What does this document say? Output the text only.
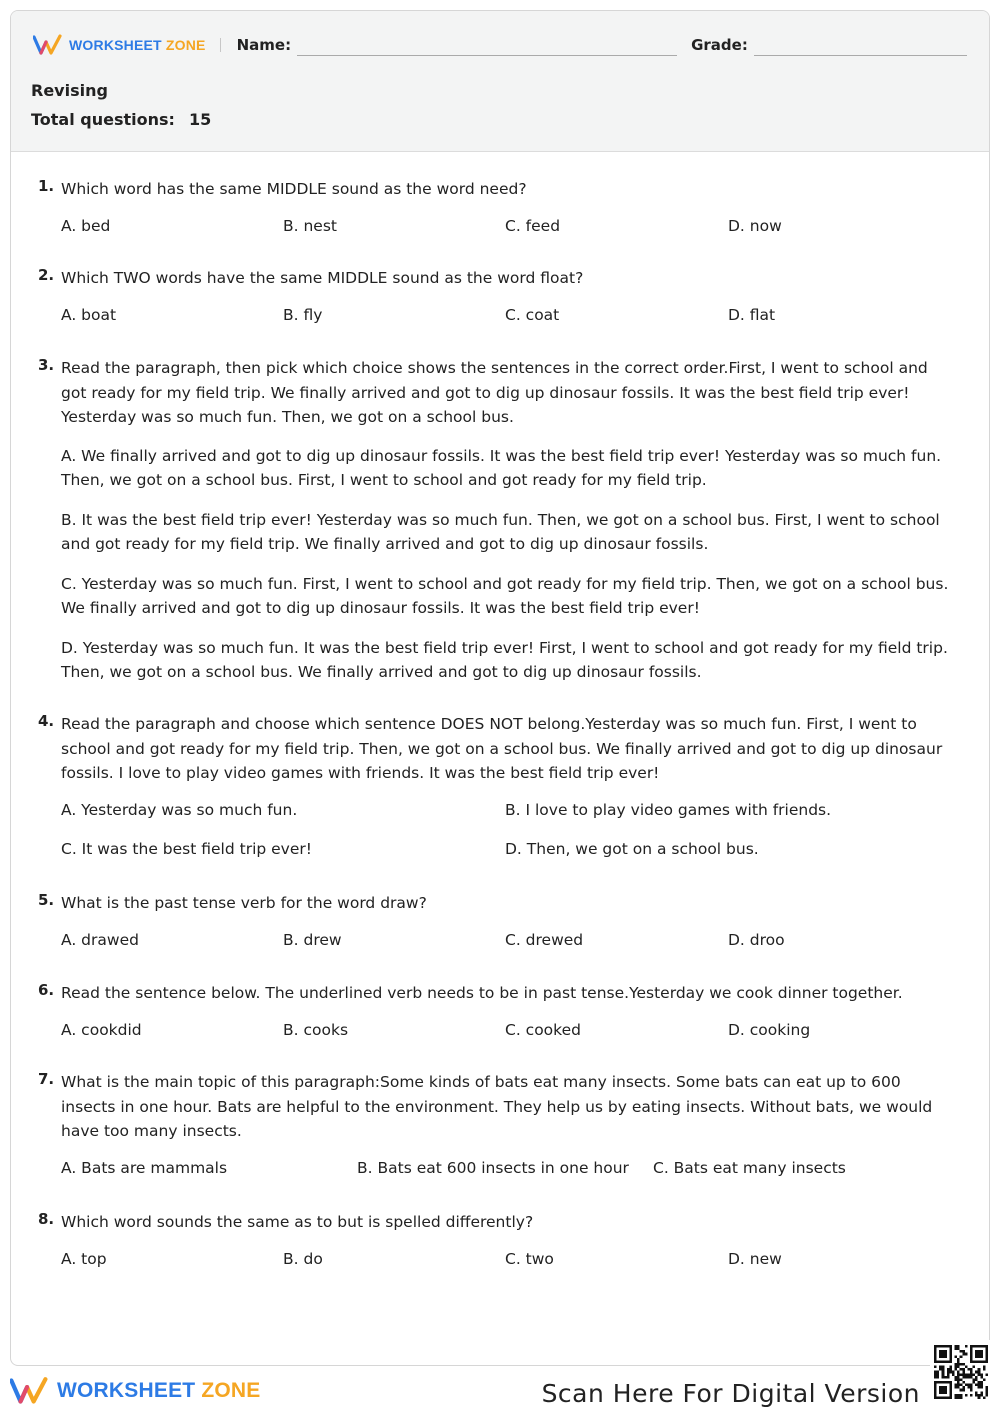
WORKSHEET ZONE Name:	Grade:
Revising
Total questions: 15
1. Which word has the same MIDDLE sound as the word need?
A. bed	B. nest	C. feed	D. now
2. Which TWO words have the same MIDDLE sound as the word float?
A. boat	B. fly	C. coat	D. flat
3. Read the paragraph, then pick which choice shows the sentences in the correct order.First, I went to school and got ready for my field trip. We finally arrived and got to dig up dinosaur fossils. It was the best field trip ever! Yesterday was so much fun. Then, we got on a school bus.
A. We finally arrived and got to dig up dinosaur fossils. It was the best field trip ever! Yesterday was so much fun. Then, we got on a school bus. First, I went to school and got ready for my field trip.
B. It was the best field trip ever! Yesterday was so much fun. Then, we got on a school bus. First, I went to school and got ready for my field trip. We finally arrived and got to dig up dinosaur fossils.
C. Yesterday was so much fun. First, I went to school and got ready for my field trip. Then, we got on a school bus. We finally arrived and got to dig up dinosaur fossils. It was the best field trip ever!
D. Yesterday was so much fun. It was the best field trip ever! First, I went to school and got ready for my field trip. Then, we got on a school bus. We finally arrived and got to dig up dinosaur fossils.
4. Read the paragraph and choose which sentence DOES NOT belong.Yesterday was so much fun. First, I went to school and got ready for my field trip. Then, we got on a school bus. We finally arrived and got to dig up dinosaur fossils. I love to play video games with friends. It was the best field trip ever!
A. Yesterday was so much fun.	B. I love to play video games with friends.
C. It was the best field trip ever!	D. Then, we got on a school bus.
5. What is the past tense verb for the word draw?
A. drawed	B. drew	C. drewed	D. droo
6. Read the sentence below. The underlined verb needs to be in past tense.Yesterday we cook dinner together.
A. cookdid	B. cooks	C. cooked	D. cooking
7. What is the main topic of this paragraph:Some kinds of bats eat many insects. Some bats can eat up to 600 insects in one hour. Bats are helpful to the environment. They help us by eating insects. Without bats, we would have too many insects.
A. Bats are mammals	B. Bats eat 600 insects in one hour C. Bats eat many insects
8. Which word sounds the same as to but is spelled differently?
A. top	B. do	C. two	D. new
WORKSHEET ZONE	Scan Here For Digital Version
